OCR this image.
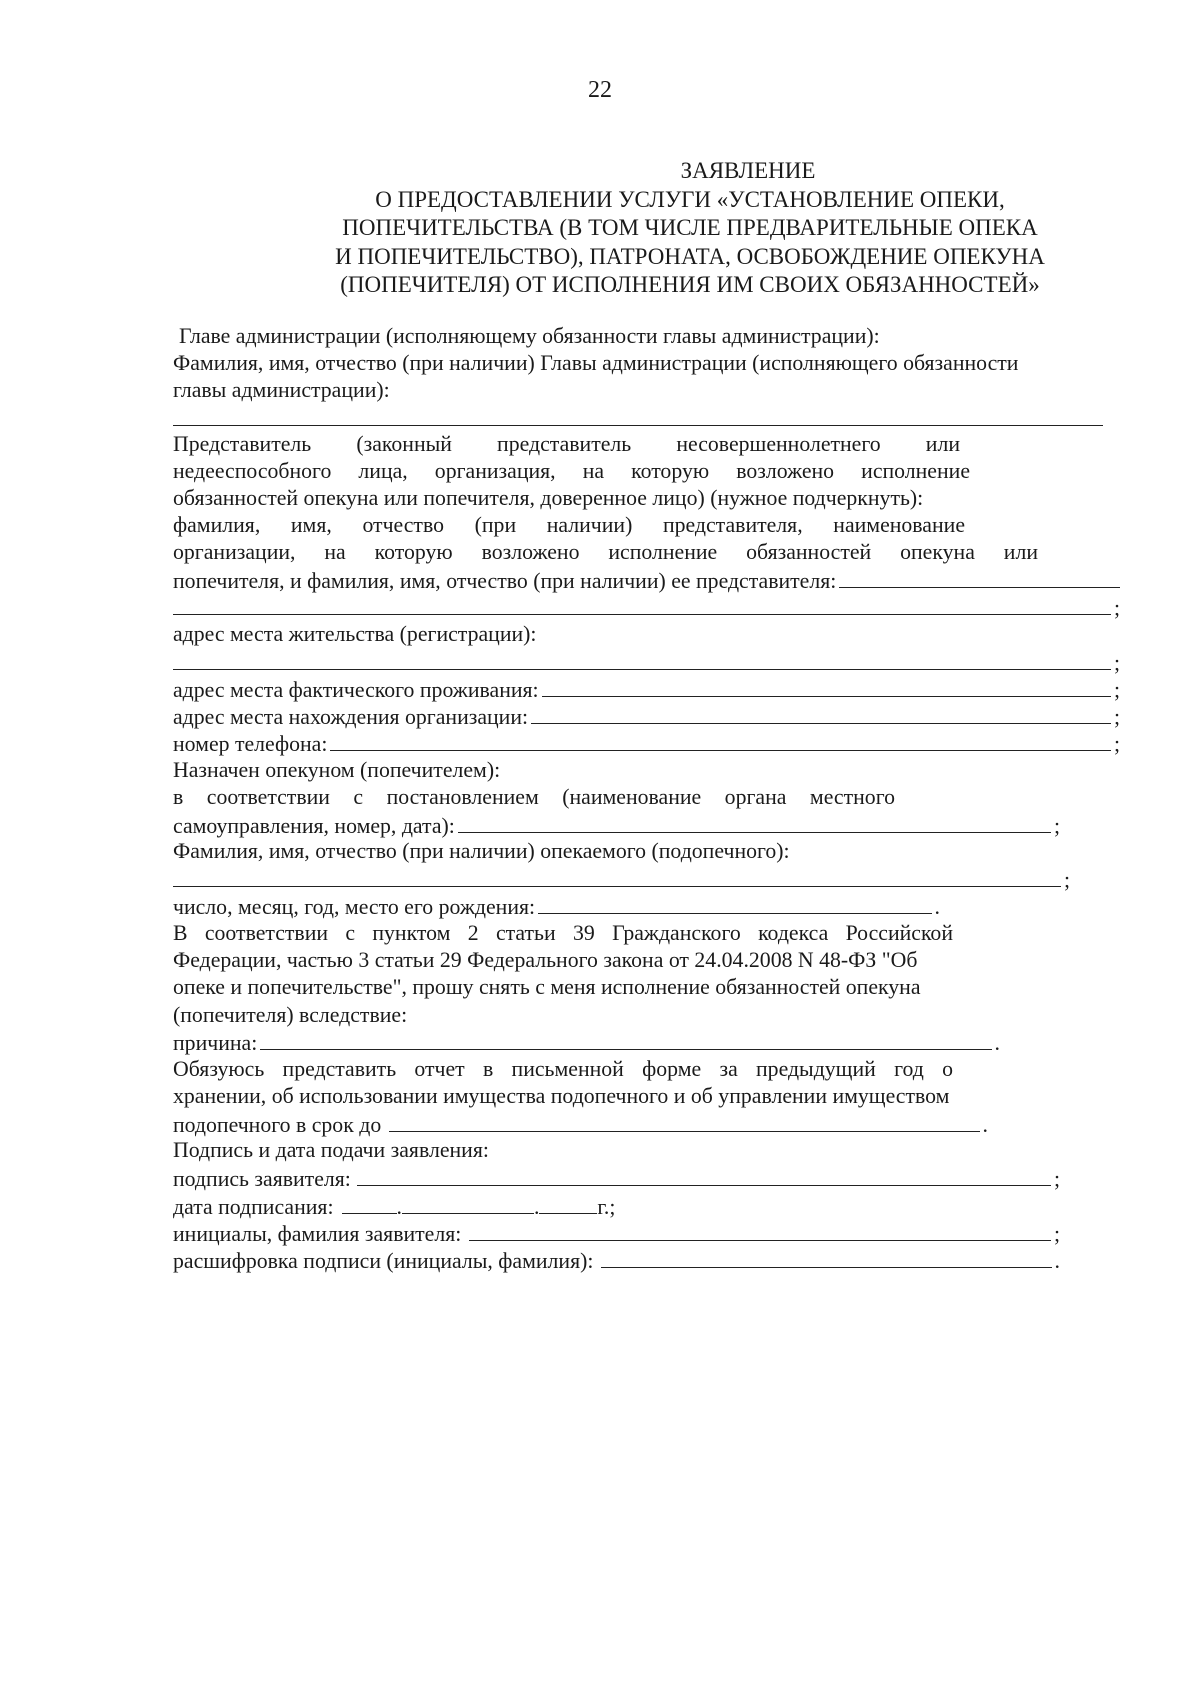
22
ЗАЯВЛЕНИЕ
О ПРЕДОСТАВЛЕНИИ УСЛУГИ «УСТАНОВЛЕНИЕ ОПЕКИ,
ПОПЕЧИТЕЛЬСТВА (В ТОМ ЧИСЛЕ ПРЕДВАРИТЕЛЬНЫЕ ОПЕКА
И ПОПЕЧИТЕЛЬСТВО), ПАТРОНАТА, ОСВОБОЖДЕНИЕ ОПЕКУНА
(ПОПЕЧИТЕЛЯ) ОТ ИСПОЛНЕНИЯ ИМ СВОИХ ОБЯЗАННОСТЕЙ»
Главе администрации (исполняющему обязанности главы администрации):
Фамилия, имя, отчество (при наличии) Главы администрации (исполняющего обязанности
главы администрации):
Представитель (законный представитель несовершеннолетнего или
недееспособного лица, организация, на которую возложено исполнение
обязанностей опекуна или попечителя, доверенное лицо) (нужное подчеркнуть):
фамилия, имя, отчество (при наличии) представителя, наименование
организации, на которую возложено исполнение обязанностей опекуна или
попечителя, и фамилия, имя, отчество (при наличии) ее представителя:
;
адрес места жительства (регистрации):
;
адрес места фактического проживания:	;
адрес места нахождения организации:	;
номер телефона:	;
Назначен опекуном (попечителем):
в соответствии с постановлением (наименование органа местного
самоуправления, номер, дата):	;
Фамилия, имя, отчество (при наличии) опекаемого (подопечного):
;
число, месяц, год, место его рождения:	.
В соответствии с пунктом 2 статьи 39 Гражданского кодекса Российской
Федерации, частью 3 статьи 29 Федерального закона от 24.04.2008 N 48-ФЗ "Об
опеке и попечительстве", прошу снять с меня исполнение обязанностей опекуна
(попечителя) вследствие:
причина:	.
Обязуюсь представить отчет в письменной форме за предыдущий год о
хранении, об использовании имущества подопечного и об управлении имуществом
подопечного в срок до	.
Подпись и дата подачи заявления:
подпись заявителя:	;
дата подписания:	.	.	г.;
инициалы, фамилия заявителя:	;
расшифровка подписи (инициалы, фамилия):	.
